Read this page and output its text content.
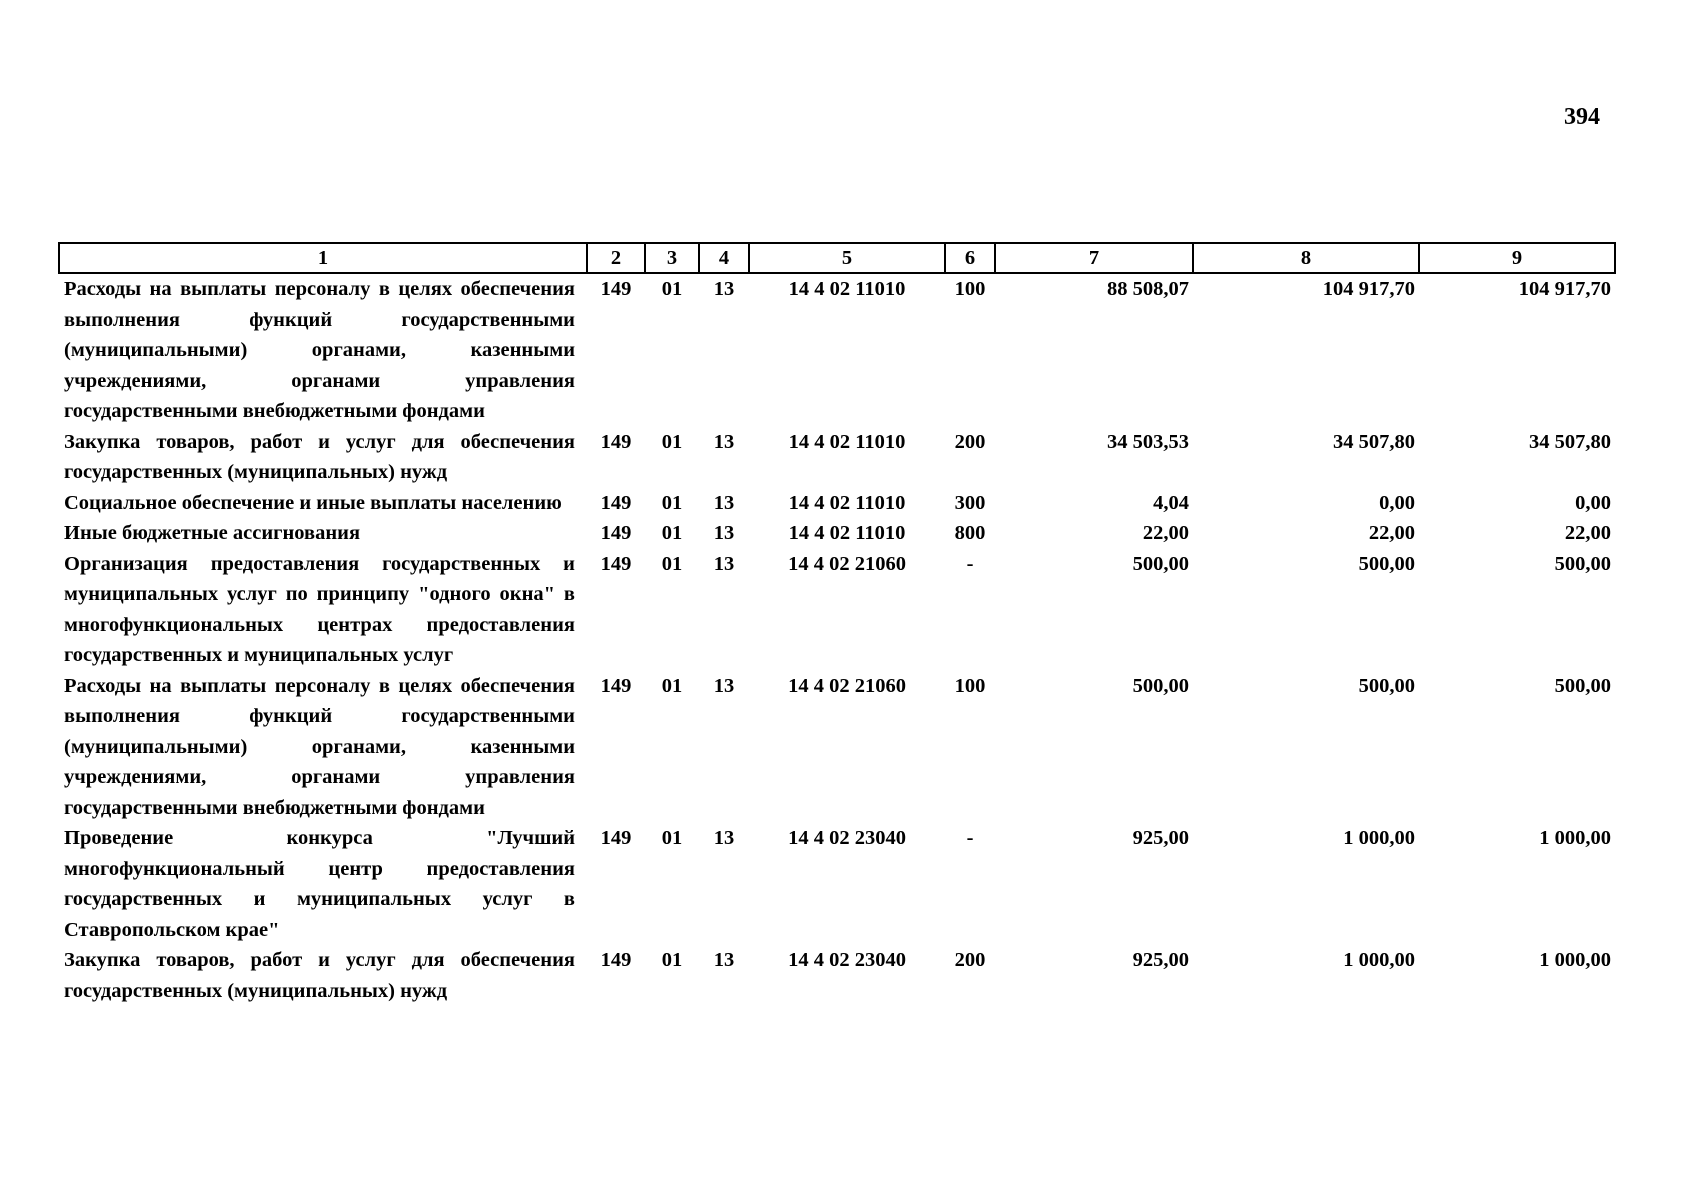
394
1	2	3	4	5	6	7	8	9
Расходы на выплаты персоналу в целях обеспечения выполнения функций государственными (муниципальными) органами, казенными учреждениями, органами управления государственными внебюджетными фондами	149	01	13	14 4 02 11010	100	88 508,07	104 917,70	104 917,70
Закупка товаров, работ и услуг для обеспечения государственных (муниципальных) нужд	149	01	13	14 4 02 11010	200	34 503,53	34 507,80	34 507,80
Социальное обеспечение и иные выплаты населению	149	01	13	14 4 02 11010	300	4,04	0,00	0,00
Иные бюджетные ассигнования	149	01	13	14 4 02 11010	800	22,00	22,00	22,00
Организация предоставления государственных и муниципальных услуг по принципу "одного окна" в многофункциональных центрах предоставления государственных и муниципальных услуг	149	01	13	14 4 02 21060	-	500,00	500,00	500,00
Расходы на выплаты персоналу в целях обеспечения выполнения функций государственными (муниципальными) органами, казенными учреждениями, органами управления государственными внебюджетными фондами	149	01	13	14 4 02 21060	100	500,00	500,00	500,00
Проведение конкурса "Лучший многофункциональный центр предоставления государственных и муниципальных услуг в Ставропольском крае"	149	01	13	14 4 02 23040	-	925,00	1 000,00	1 000,00
Закупка товаров, работ и услуг для обеспечения государственных (муниципальных) нужд	149	01	13	14 4 02 23040	200	925,00	1 000,00	1 000,00
